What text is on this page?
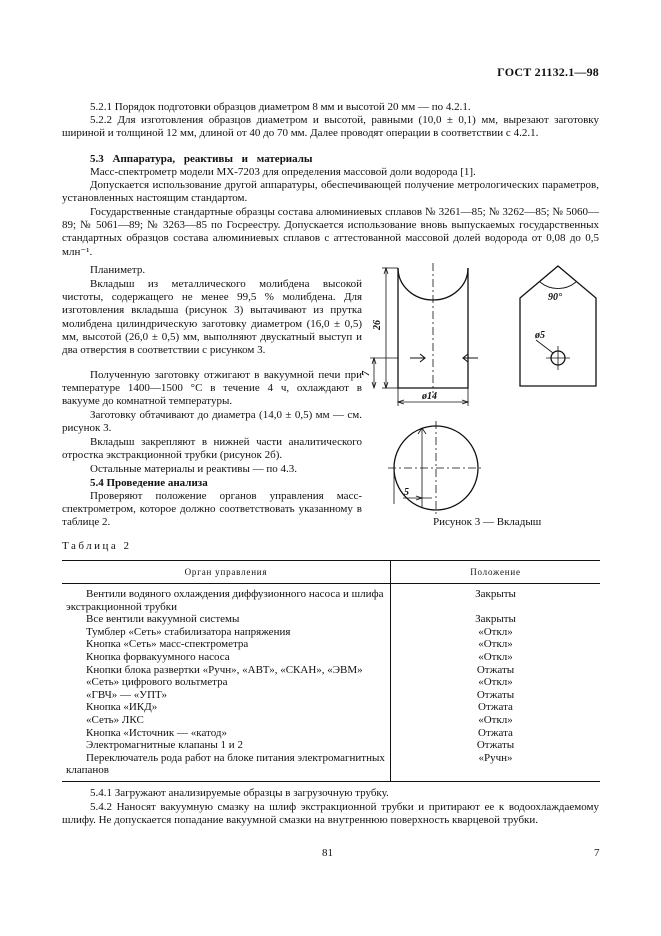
ГОСТ 21132.1—98

5.2.1 Порядок подготовки образцов диаметром 8 мм и высотой 20 мм — по 4.2.1.

5.2.2 Для изготовления образцов диаметром и высотой, равными (10,0 ± 0,1) мм, вырезают заготовку шириной и толщиной 12 мм, длиной от 40 до 70 мм. Далее проводят операции в соответствии с 4.2.1.

5.3 Аппаратура, реактивы и материалы

Масс-спектрометр модели МХ-7203 для определения массовой доли водорода [1].

Допускается использование другой аппаратуры, обеспечивающей получение метрологических параметров, установленных настоящим стандартом.

Государственные стандартные образцы состава алюминиевых сплавов № 3261—85; № 3262—85; № 5060—89; № 5061—89; № 3263—85 по Госреестру. Допускается использование вновь выпускаемых государственных стандартных образцов состава алюминиевых сплавов с аттестованной массовой долей водорода от 0,08 до 0,5 млн⁻¹.

Планиметр.

Вкладыш из металлического молибдена высокой чистоты, содержащего не менее 99,5 % молибдена. Для изготовления вкладыша (рисунок 3) вытачивают из прутка молибдена цилиндрическую заготовку диаметром (16,0 ± 0,5) мм, высотой (26,0 ± 0,5) мм, выполняют двускатный выступ и два отверстия в соответствии с рисунком 3.

Полученную заготовку отжигают в вакуумной печи при температуре 1400—1500 °С в течение 4 ч, охлаждают в вакууме до комнатной температуры.

Заготовку обтачивают до диаметра (14,0 ± 0,5) мм — см. рисунок 3.

Вкладыш закрепляют в нижней части аналитического отростка экстракционной трубки (рисунок 2б).

Остальные материалы и реактивы — по 4.3.

5.4 Проведение анализа

Проверяют положение органов управления масс-спектрометром, которое должно соответствовать указанному в таблице 2.

26
7
ø14
90°
ø5
5
Рисунок 3 — Вкладыш
Таблица 2
Орган управления	Положение
Вентили водяного охлаждения диффузионного насоса и шлифа экстракционной трубки	Закрыты
Все вентили вакуумной системы	Закрыты
Тумблер «Сеть» стабилизатора напряжения	«Откл»
Кнопка «Сеть» масс-спектрометра	«Откл»
Кнопка форвакуумного насоса	«Откл»
Кнопки блока развертки «Ручн», «АВТ», «СКАН», «ЭВМ»	Отжаты
«Сеть» цифрового вольтметра	«Откл»
«ГВЧ» — «УПТ»	Отжаты
Кнопка «ИКД»	Отжата
«Сеть» ЛКС	«Откл»
Кнопка «Источник — «катод»	Отжата
Электромагнитные клапаны 1 и 2	Отжаты
Переключатель рода работ на блоке питания электромагнитных клапанов	«Ручн»

5.4.1 Загружают анализируемые образцы в загрузочную трубку.

5.4.2 Наносят вакуумную смазку на шлиф экстракционной трубки и притирают ее к водоохлаждаемому шлифу. Не допускается попадание вакуумной смазки на внутреннюю поверхность кварцевой трубки.

81	7
